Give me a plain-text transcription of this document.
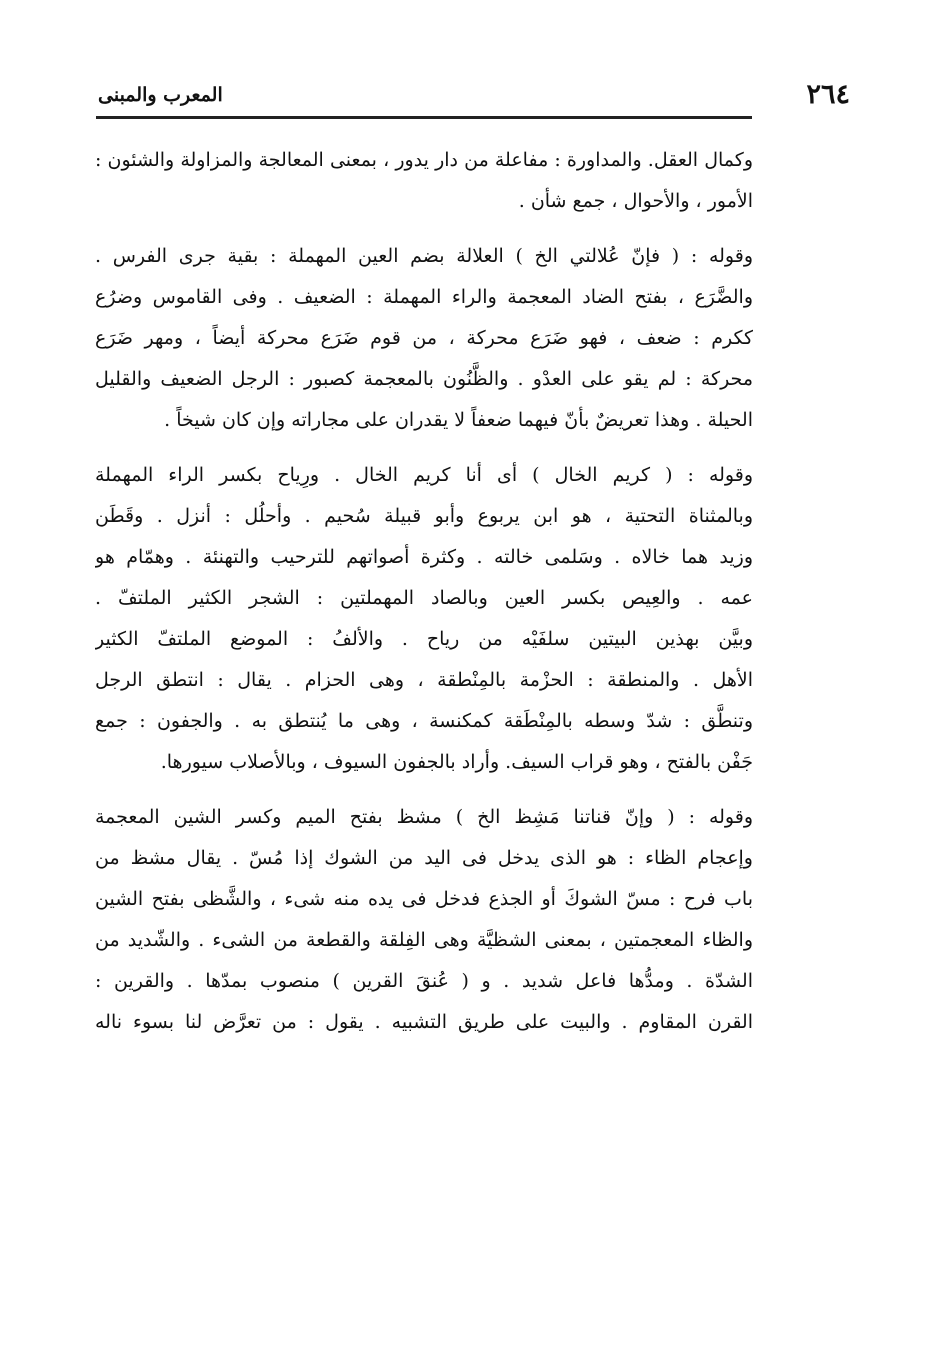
٢٦٤
المعرب والمبنى

وكمال العقل. والمداورة : مفاعلة من دار يدور ، بمعنى المعالجة والمزاولة والشئون :
الأمور ، والأحوال ، جمع شأن .

وقوله : ( فإنّ عُلالتي الخ ) العلالة بضم العين المهملة : بقية جرى الفرس .
والضَّرَع ، بفتح الضاد المعجمة والراء المهملة : الضعيف . وفى القاموس وضرُع
ككرم : ضعف ، فهو ضَرَع محركة ، من قوم ضَرَع محركة أيضاً ، ومهر ضَرَع
محركة : لم يقو على العدْو . والظَّنُون بالمعجمة كصبور : الرجل الضعيف والقليل
الحيلة . وهذا تعريضٌ بأنّ فيهما ضعفاً لا يقدران على مجاراته وإن كان شيخاً .

وقوله : ( كريم الخال ) أى أنا كريم الخال . ورِياح بكسر الراء المهملة
وبالمثناة التحتية ، هو ابن يربوع وأبو قبيلة سُحيم . وأحلُل : أنزل . وقَطَن
وزيد هما خالاه . وسَلمى خالته . وكثرة أصواتهم للترحيب والتهنئة . وهمّام هو
عمه . والعِيص بكسر العين وبالصاد المهملتين : الشجر الكثير الملتفّ .
وبيَّن بهذين البيتين سلفَيْه من رياح . والألفُ : الموضع الملتفّ الكثير
الأهل . والمنطقة : الحزْمة بالمِنْطقة ، وهى الحزام . يقال : انتطق الرجل
وتنطَّق : شدّ وسطه بالمِنْطَقة كمكنسة ، وهى ما يُنتطق به . والجفون : جمع
جَفْن بالفتح ، وهو قراب السيف. وأراد بالجفون السيوف ، وبالأصلاب سيورها.

وقوله : ( وإنّ قناتنا مَشِظ الخ ) مشظ بفتح الميم وكسر الشين المعجمة
وإعجام الظاء : هو الذى يدخل فى اليد من الشوك إذا مُسّ . يقال مشظ من
باب فرح : مسّ الشوكَ أو الجذع فدخل فى يده منه شىء ، والشَّظى بفتح الشين
والظاء المعجمتين ، بمعنى الشظيَّة وهى الفِلقة والقطعة من الشىء . والشّديد من
الشدّة . ومدُّها فاعل شديد . و ( عُنقَ القرين ) منصوب بمدّها . والقرين :
القرن المقاوم . والبيت على طريق التشبيه . يقول : من تعرَّض لنا بسوء ناله
